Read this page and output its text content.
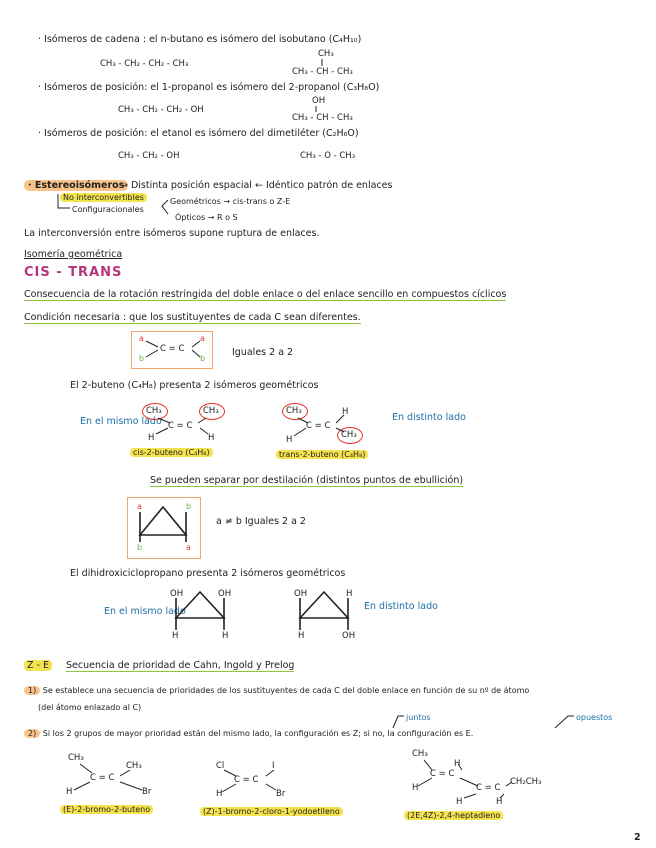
· Isómeros de cadena : el n-butano es isómero del isobutano (C₄H₁₀)
CH₃ - CH₂ - CH₂ - CH₃
CH₃
CH₃ - CH - CH₃
· Isómeros de posición: el 1-propanol es isómero del 2-propanol (C₃H₈O)
CH₃ - CH₂ - CH₂ - OH
OH
CH₃ - CH - CH₃
· Isómeros de posición: el etanol es isómero del dimetiléter (C₂H₆O)
CH₃ - CH₂ - OH	CH₃ - O - CH₃
· Estereoisómeros
→ Distinta posición espacial ← Idéntico patrón de enlaces
No interconvertibles
Configuracionales
Geométricos → cis-trans o Z-E
Ópticos → R o S
La interconversión entre isómeros supone ruptura de enlaces.
Isomería geométrica
CIS - TRANS
Consecuencia de la rotación restringida del doble enlace o del enlace sencillo en compuestos cíclicos
Condición necesaria : que los sustituyentes de cada C sean diferentes.
a
b
C = C
a
b
Iguales 2 a 2
El 2-buteno (C₄H₈) presenta 2 isómeros geométricos
En el mismo lado
CH₃	CH₃
C = C
H	H
cis-2-buteno (C₄H₈)
CH₃	H
C = C
H	CH₃
trans-2-buteno (C₄H₈)
En distinto lado
Se pueden separar por destilación (distintos puntos de ebullición)
a	b
b	a
a ≠ b Iguales 2 a 2
El dihidroxiciclopropano presenta 2 isómeros geométricos
En el mismo lado
OH	OH
H	H
OH	H
H	OH
En distinto lado
Z - E	Secuencia de prioridad de Cahn, Ingold y Prelog
1) Se establece una secuencia de prioridades de los sustituyentes de cada C del doble enlace en función de su nº de átomo
(del átomo enlazado al C)
juntos	opuestos
2) Si los 2 grupos de mayor prioridad están del mismo lado, la configuración es Z; si no, la configuración es E.
CH₃
CH₃
C = C
H	Br
(E)-2-bromo-2-buteno
Cl	I
C = C
H	Br
(Z)-1-bromo-2-cloro-1-yodoetileno
CH₃
H
C = C
H	C = C
CH₂CH₃
H	H
(2E,4Z)-2,4-heptadieno
2
